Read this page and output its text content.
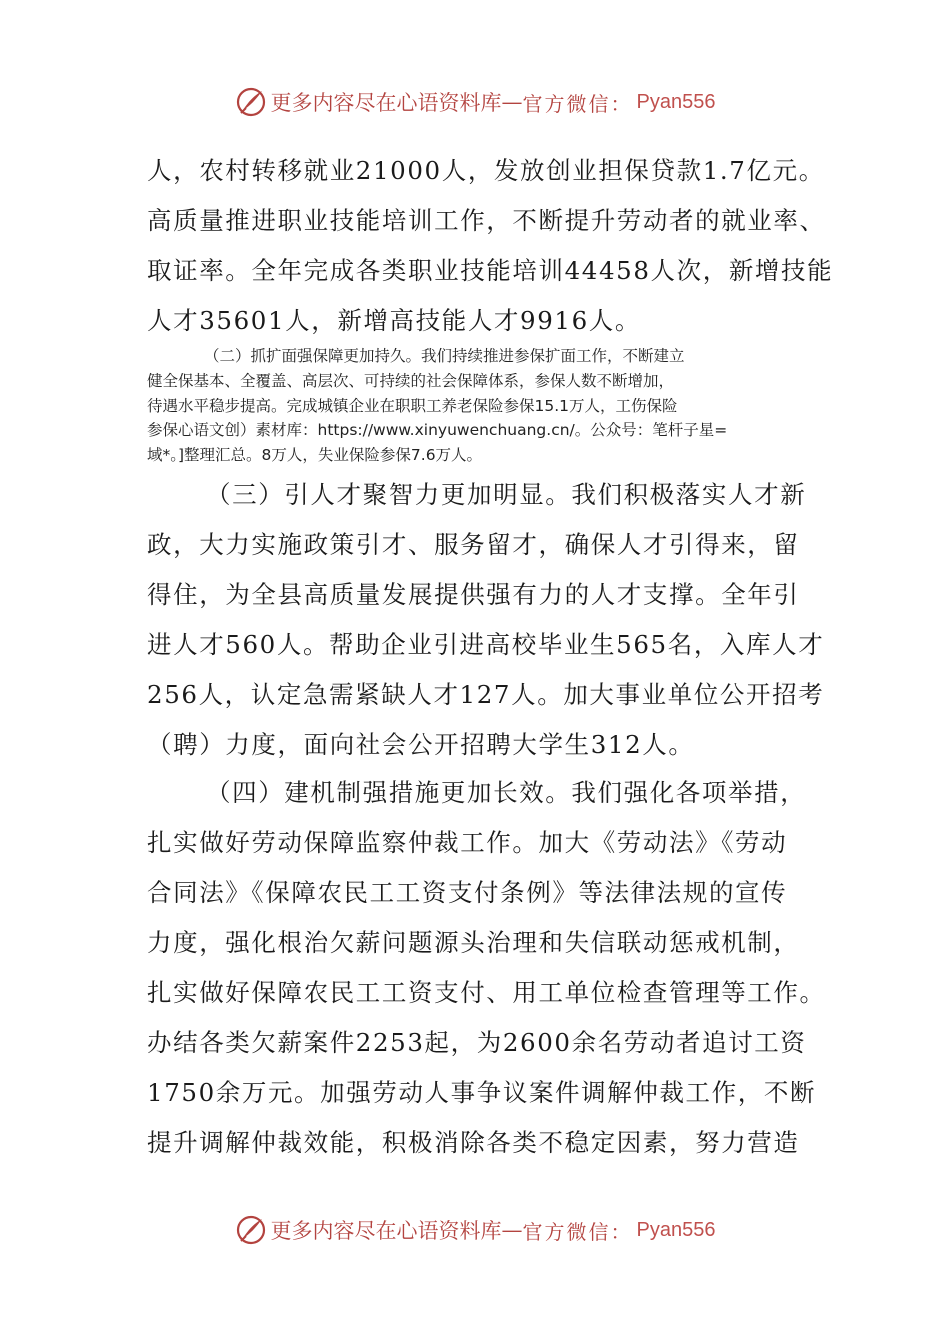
更多内容尽在心语资料库 — 官方微信： Pyan556
人，农村转移就业21000人，发放创业担保贷款1.7亿元。
高质量推进职业技能培训工作，不断提升劳动者的就业率、
取证率。全年完成各类职业技能培训44458人次，新增技能
人才35601人，新增高技能人才9916人。
（二）抓扩面强保障更加持久。我们持续推进参保扩面工作，不断建立
健全保基本、全覆盖、高层次、可持续的社会保障体系，参保人数不断增加，
待遇水平稳步提高。完成城镇企业在职职工养老保险参保15.1万人，工伤保险
参保心语文创）素材库：https://www.xinyuwenchuang.cn/。公众号：笔杆子星=
域*。]整理汇总。8万人，失业保险参保7.6万人。
（三）引人才聚智力更加明显。我们积极落实人才新
政，大力实施政策引才、服务留才，确保人才引得来，留
得住，为全县高质量发展提供强有力的人才支撑。全年引
进人才560人。帮助企业引进高校毕业生565名，入库人才
256人，认定急需紧缺人才127人。加大事业单位公开招考
（聘）力度，面向社会公开招聘大学生312人。
（四）建机制强措施更加长效。我们强化各项举措，
扎实做好劳动保障监察仲裁工作。加大《劳动法》《劳动
合同法》《保障农民工工资支付条例》等法律法规的宣传
力度，强化根治欠薪问题源头治理和失信联动惩戒机制，
扎实做好保障农民工工资支付、用工单位检查管理等工作。
办结各类欠薪案件2253起，为2600余名劳动者追讨工资
1750余万元。加强劳动人事争议案件调解仲裁工作，不断
提升调解仲裁效能，积极消除各类不稳定因素，努力营造
更多内容尽在心语资料库 — 官方微信： Pyan556
